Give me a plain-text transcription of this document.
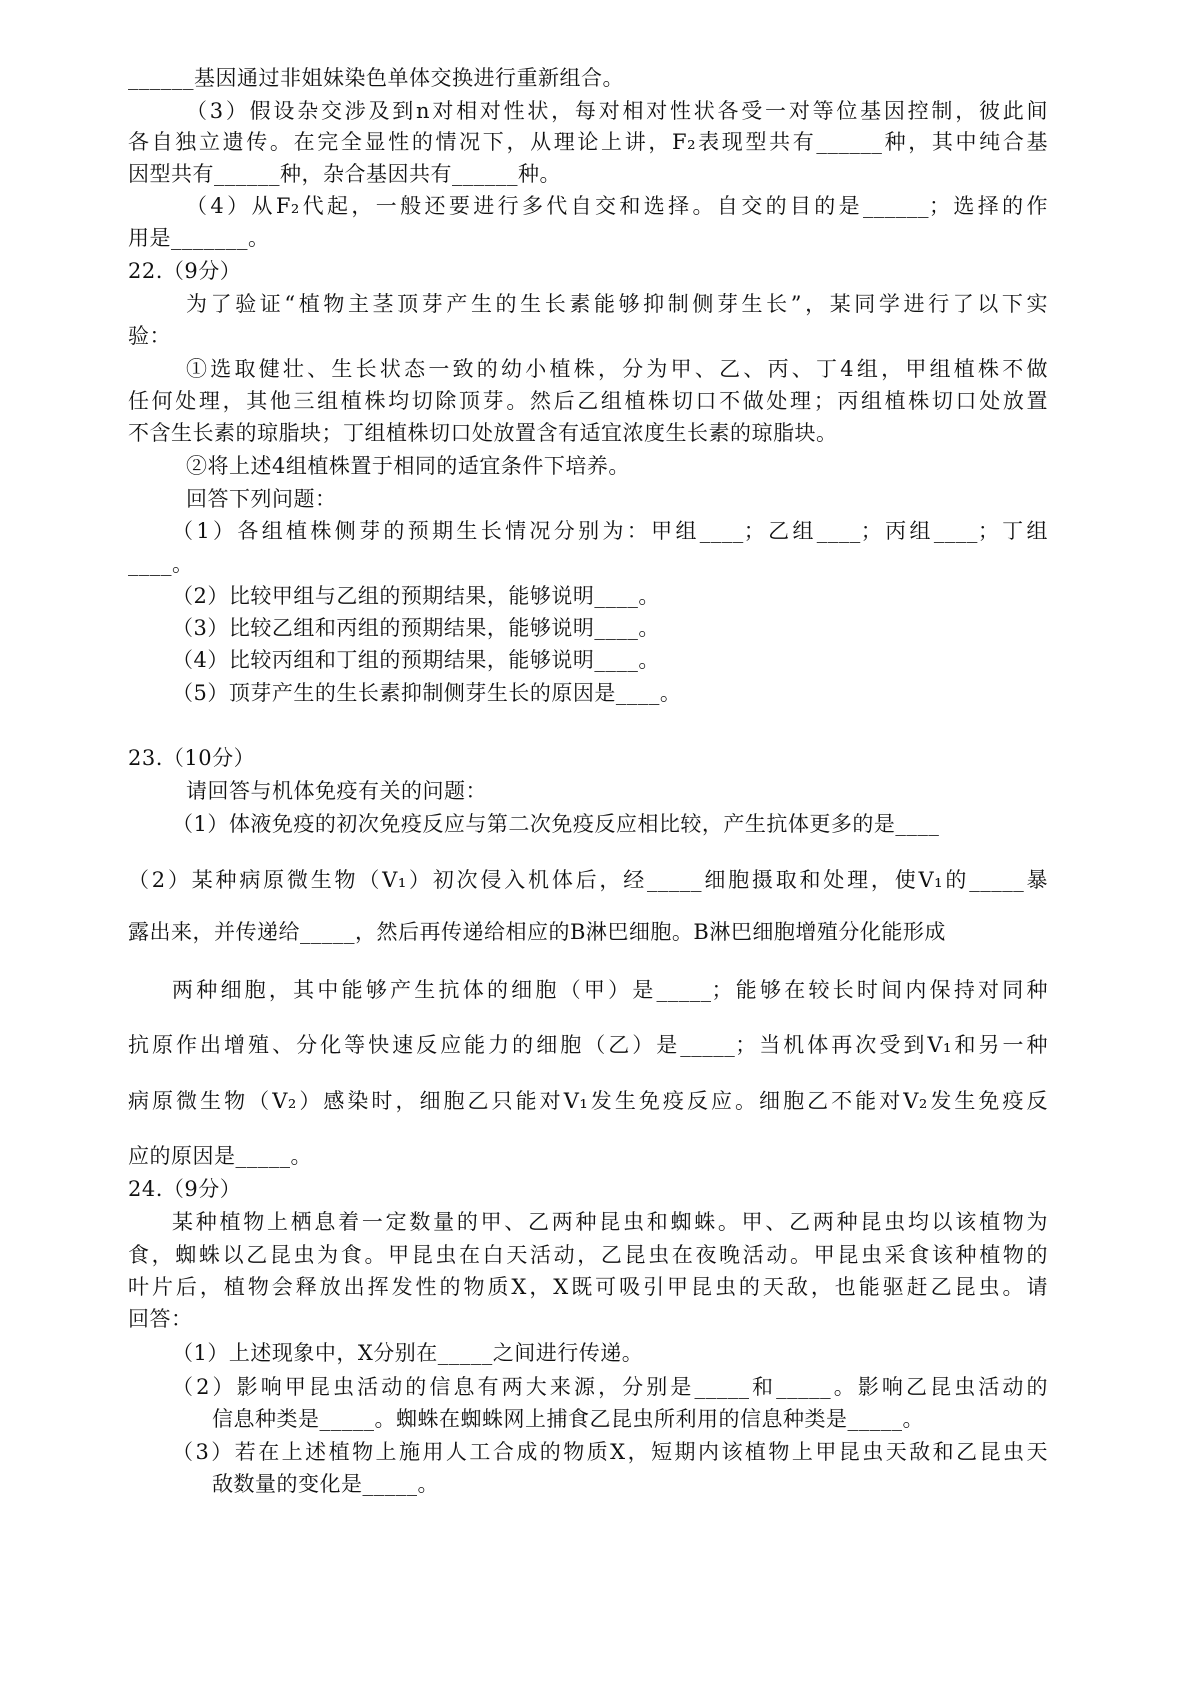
______基因通过非姐妹染色单体交换进行重新组合。
（3）假设杂交涉及到n对相对性状，每对相对性状各受一对等位基因控制，彼此间
各自独立遗传。在完全显性的情况下，从理论上讲，F₂表现型共有______种，其中纯合基
因型共有______种，杂合基因共有______种。
（4）从F₂代起，一般还要进行多代自交和选择。自交的目的是______；选择的作
用是_______。
22.（9分）
为了验证“植物主茎顶芽产生的生长素能够抑制侧芽生长”，某同学进行了以下实
验：
①选取健壮、生长状态一致的幼小植株，分为甲、乙、丙、丁4组，甲组植株不做
任何处理，其他三组植株均切除顶芽。然后乙组植株切口不做处理；丙组植株切口处放置
不含生长素的琼脂块；丁组植株切口处放置含有适宜浓度生长素的琼脂块。
②将上述4组植株置于相同的适宜条件下培养。
回答下列问题：
（1）各组植株侧芽的预期生长情况分别为：甲组____；乙组____；丙组____；丁组
____。
（2）比较甲组与乙组的预期结果，能够说明____。
（3）比较乙组和丙组的预期结果，能够说明____。
（4）比较丙组和丁组的预期结果，能够说明____。
（5）顶芽产生的生长素抑制侧芽生长的原因是____。
23.（10分）
请回答与机体免疫有关的问题：
（1）体液免疫的初次免疫反应与第二次免疫反应相比较，产生抗体更多的是____
（2）某种病原微生物（V₁）初次侵入机体后，经_____细胞摄取和处理，使V₁的_____暴
露出来，并传递给_____，然后再传递给相应的B淋巴细胞。B淋巴细胞增殖分化能形成
两种细胞，其中能够产生抗体的细胞（甲）是_____；能够在较长时间内保持对同种
抗原作出增殖、分化等快速反应能力的细胞（乙）是_____；当机体再次受到V₁和另一种
病原微生物（V₂）感染时，细胞乙只能对V₁发生免疫反应。细胞乙不能对V₂发生免疫反
应的原因是_____。
24.（9分）
某种植物上栖息着一定数量的甲、乙两种昆虫和蜘蛛。甲、乙两种昆虫均以该植物为
食，蜘蛛以乙昆虫为食。甲昆虫在白天活动，乙昆虫在夜晚活动。甲昆虫采食该种植物的
叶片后，植物会释放出挥发性的物质X，X既可吸引甲昆虫的天敌，也能驱赶乙昆虫。请
回答：
（1）上述现象中，X分别在_____之间进行传递。
（2）影响甲昆虫活动的信息有两大来源，分别是_____和_____。影响乙昆虫活动的
信息种类是_____。蜘蛛在蜘蛛网上捕食乙昆虫所利用的信息种类是_____。
（3）若在上述植物上施用人工合成的物质X，短期内该植物上甲昆虫天敌和乙昆虫天
敌数量的变化是_____。
